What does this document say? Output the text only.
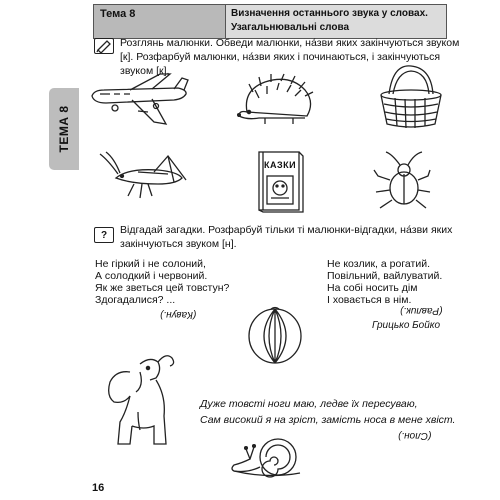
Тема 8	Визначення останнього звука у словах.
Узагальнювальні слова
ТЕМА 8
Розглянь малюнки. Обведи малюнки, на́зви яких закінчуються звуком
[к]. Розфарбуй малюнки, на́зви яких і починаються, і закінчуються
звуком [к].
КАЗКИ
? Відгадай загадки. Розфарбуй тільки ті малюнки-відгадки, на́зви яких
закінчуються звуком [н].
Не гіркий і не солоний,
А солодкий і червоний.
Як же зветься цей товстун?
Здогадалися? ...
(Кавун.)
Не козлик, а рогатий.
Повільний, вайлуватий.
На собі носить дім
І ховається в нім.
(Равлик.)
Грицько Бойко
Дуже товсті ноги маю, ледве їх пересуваю,
Сам високий я на зріст, замість носа в мене хвіст.
(Слон.)
16
